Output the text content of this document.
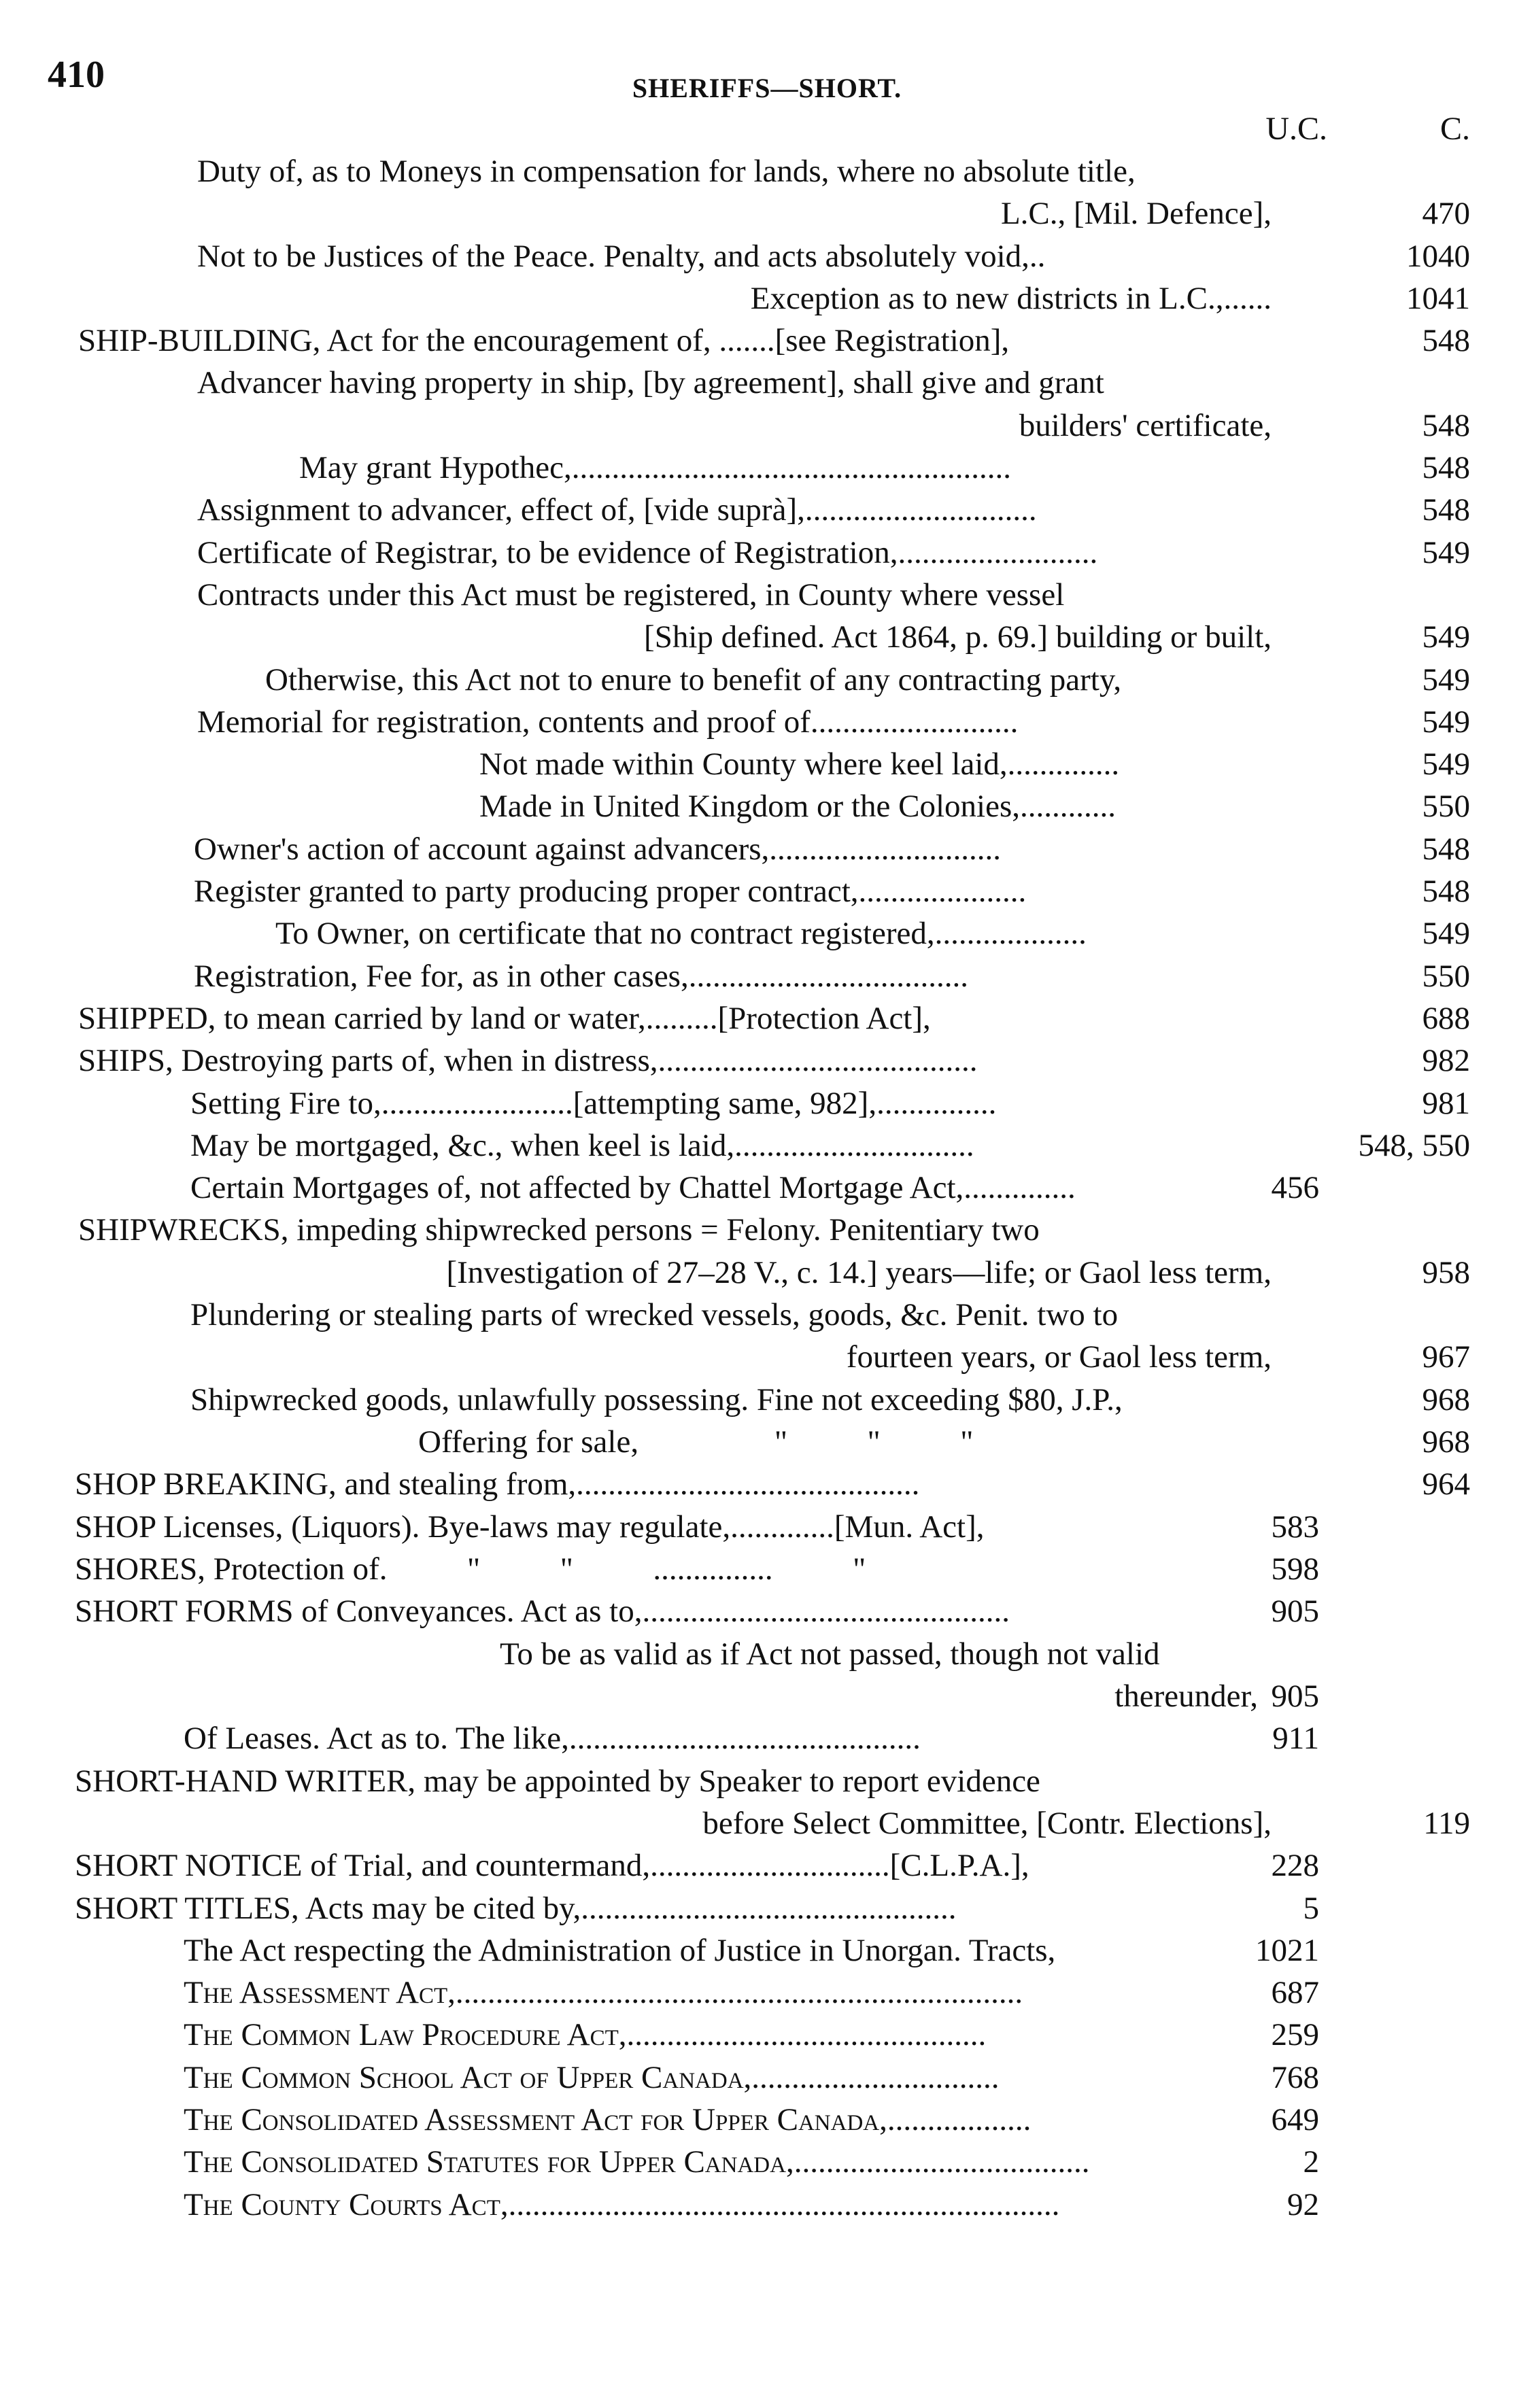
410	SHERIFFS—SHORT.
U.C.	C.
Duty of, as to Moneys in compensation for lands, where no absolute title,
L.C., [Mil. Defence],	470
Not to be Justices of the Peace. Penalty, and acts absolutely void,..	1040
Exception as to new districts in L.C.,......	1041
SHIP-BUILDING, Act for the encouragement of, .......[see Registration],	548
Advancer having property in ship, [by agreement], shall give and grant
builders' certificate,	548
May grant Hypothec,.......................................................	548
Assignment to advancer, effect of, [vide suprà],.............................	548
Certificate of Registrar, to be evidence of Registration,.........................	549
Contracts under this Act must be registered, in County where vessel
[Ship defined. Act 1864, p. 69.] building or built,	549
Otherwise, this Act not to enure to benefit of any contracting party,	549
Memorial for registration, contents and proof of..........................	549
Not made within County where keel laid,..............	549
Made in United Kingdom or the Colonies,............	550
Owner's action of account against advancers,.............................	548
Register granted to party producing proper contract,.....................	548
To Owner, on certificate that no contract registered,...................	549
Registration, Fee for, as in other cases,...................................	550
SHIPPED, to mean carried by land or water,.........[Protection Act],	688
SHIPS, Destroying parts of, when in distress,........................................	982
Setting Fire to,........................[attempting same, 982],...............	981
May be mortgaged, &c., when keel is laid,..............................	548, 550
Certain Mortgages of, not affected by Chattel Mortgage Act,..............	456
SHIPWRECKS, impeding shipwrecked persons = Felony. Penitentiary two
[Investigation of 27–28 V., c. 14.] years—life; or Gaol less term,	958
Plundering or stealing parts of wrecked vessels, goods, &c. Penit. two to
fourteen years, or Gaol less term,	967
Shipwrecked goods, unlawfully possessing. Fine not exceeding $80, J.P.,	968
Offering for sale,                 "          "          "	968
SHOP BREAKING, and stealing from,...........................................	964
SHOP Licenses, (Liquors). Bye-laws may regulate,.............[Mun. Act],	583
SHORES, Protection of.          "          "          ...............          "	598
SHORT FORMS of Conveyances. Act as to,..............................................	905
To be as valid as if Act not passed, though not valid
thereunder, 905
Of Leases. Act as to. The like,............................................	911
SHORT-HAND WRITER, may be appointed by Speaker to report evidence
before Select Committee, [Contr. Elections],	119
SHORT NOTICE of Trial, and countermand,..............................[C.L.P.A.],	228
SHORT TITLES, Acts may be cited by,...............................................	5
The Act respecting the Administration of Justice in Unorgan. Tracts,	1021
The Assessment Act,.......................................................................	687
The Common Law Procedure Act,.............................................	259
The Common School Act of Upper Canada,...............................	768
The Consolidated Assessment Act for Upper Canada,..................	649
The Consolidated Statutes for Upper Canada,.....................................	2
The County Courts Act,.....................................................................	92
